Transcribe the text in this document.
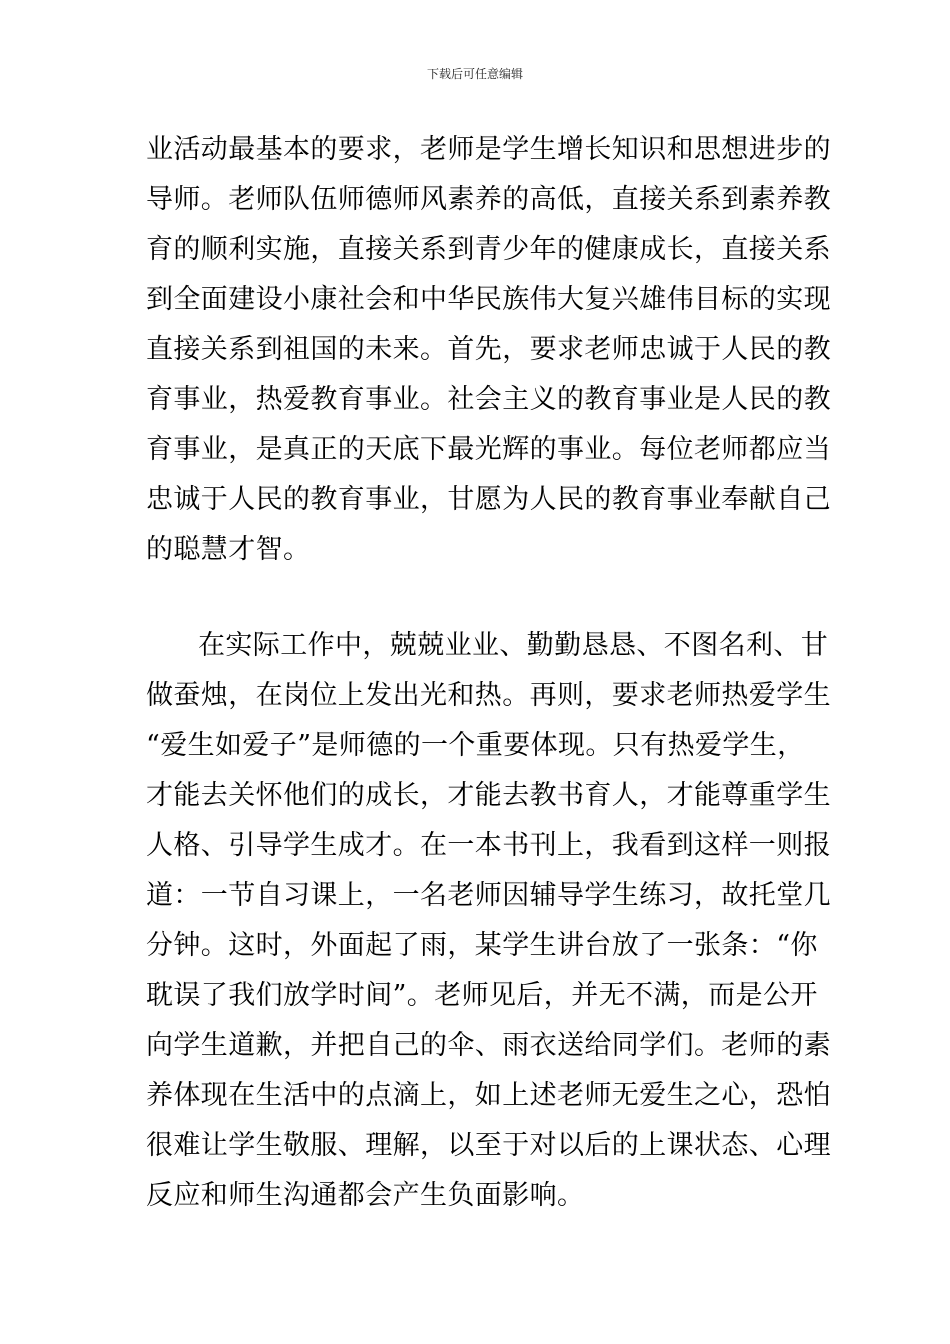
下载后可任意编辑
业活动最基本的要求，老师是学生增长知识和思想进步的
导师。老师队伍师德师风素养的高低，直接关系到素养教
育的顺利实施，直接关系到青少年的健康成长，直接关系
到全面建设小康社会和中华民族伟大复兴雄伟目标的实现
直接关系到祖国的未来。首先，要求老师忠诚于人民的教
育事业，热爱教育事业。社会主义的教育事业是人民的教
育事业，是真正的天底下最光辉的事业。每位老师都应当
忠诚于人民的教育事业，甘愿为人民的教育事业奉献自己
的聪慧才智。
在实际工作中，兢兢业业、勤勤恳恳、不图名利、甘
做蚕烛，在岗位上发出光和热。再则，要求老师热爱学生
“爱生如爱子”是师德的一个重要体现。只有热爱学生，
才能去关怀他们的成长，才能去教书育人，才能尊重学生
人格、引导学生成才。在一本书刊上，我看到这样一则报
道：一节自习课上，一名老师因辅导学生练习，故托堂几
分钟。这时，外面起了雨，某学生讲台放了一张条：“你
耽误了我们放学时间”。老师见后，并无不满，而是公开
向学生道歉，并把自己的伞、雨衣送给同学们。老师的素
养体现在生活中的点滴上，如上述老师无爱生之心，恐怕
很难让学生敬服、理解，以至于对以后的上课状态、心理
反应和师生沟通都会产生负面影响。
